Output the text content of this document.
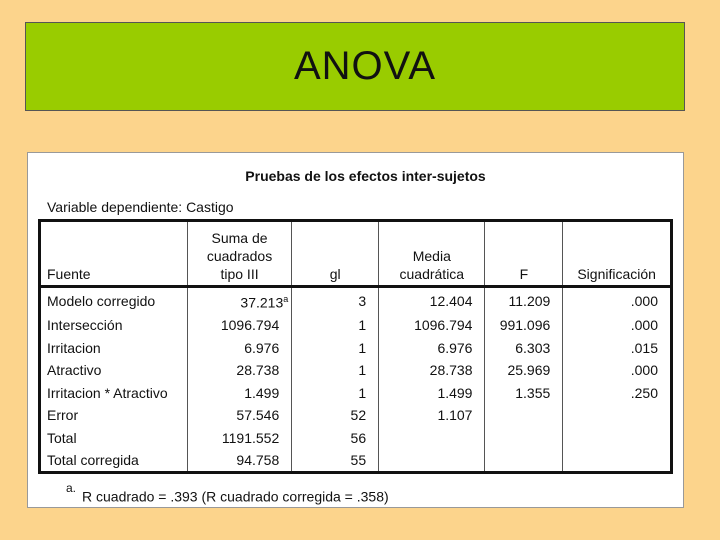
ANOVA
Pruebas de los efectos inter-sujetos
Variable dependiente: Castigo
Fuente	Suma de cuadrados tipo III	gl	Media cuadrática	F	Significación
Modelo corregido	37.213$^a$	3	12.404	11.209	.000
Intersección	1096.794	1	1096.794	991.096	.000
Irritacion	6.976	1	6.976	6.303	.015
Atractivo	28.738	1	28.738	25.969	.000
Irritacion * Atractivo	1.499	1	1.499	1.355	.250
Error	57.546	52	1.107		
Total	1191.552	56			
Total corregida	94.758	55			
$^{a.}$R cuadrado = .393 (R cuadrado corregida = .358)
